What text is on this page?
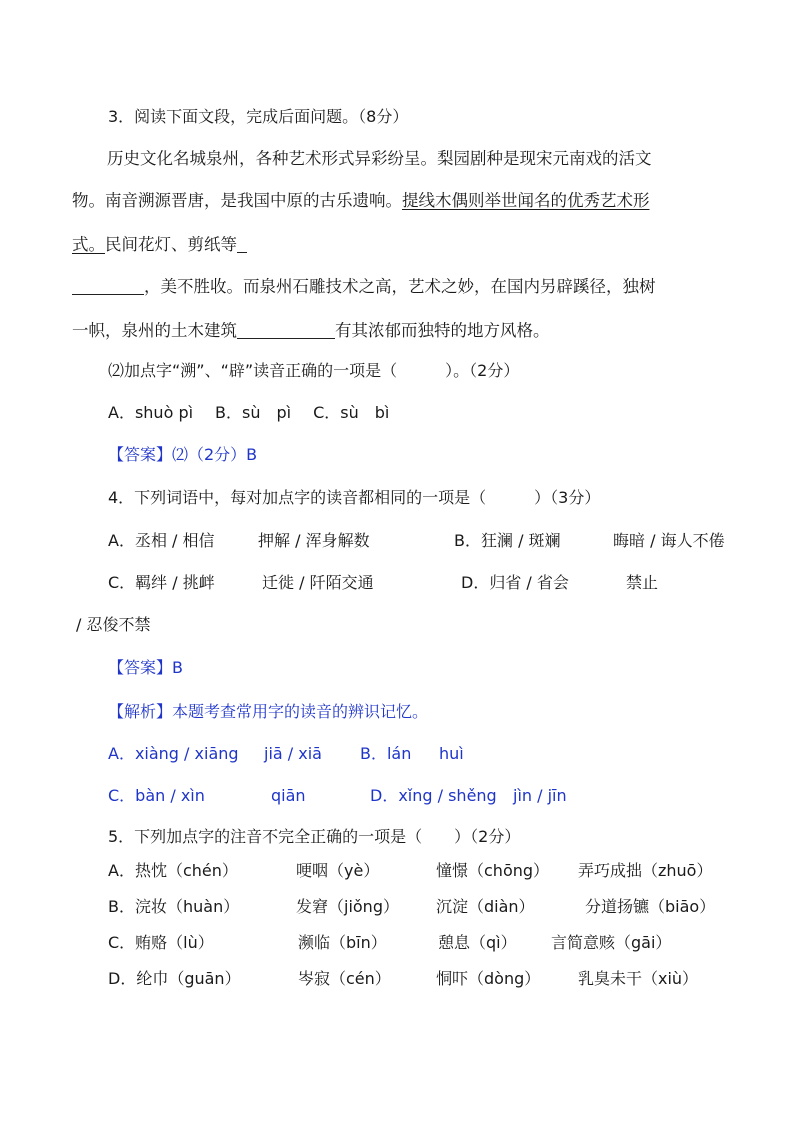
3．阅读下面文段，完成后面问题。（8分）
历史文化名城泉州，各种艺术形式异彩纷呈。梨园剧种是现宋元南戏的活文
物。南音溯源晋唐，是我国中原的古乐遗响。提线木偶则举世闻名的优秀艺术形
式。民间花灯、剪纸等
，美不胜收。而泉州石雕技术之高，艺术之妙，在国内另辟蹊径，独树
一帜，泉州的土木建筑	有其浓郁而独特的地方风格。
⑵加点字“溯”、“辟”读音正确的一项是（　　　）。（2分）
A．shuò pì B．sù　pì C．sù　bì
【答案】⑵（2分）B
4．下列词语中，每对加点字的读音都相同的一项是（　　　）（3分）
A．丞相 / 相信	押解 / 浑身解数	B．狂澜 / 斑斓	晦暗 / 诲人不倦
C．羁绊 / 挑衅	迁徙 / 阡陌交通	D．归省 / 省会	禁止
/ 忍俊不禁
【答案】B
【解析】本题考查常用字的读音的辨识记忆。
A．xiàng / xiāng jiā / xiā B．lán huì
C．bàn / xìn	qiān	D．xǐng / shěng jìn / jīn
5．下列加点字的注音不完全正确的一项是（　　）（2分）
A．热忱（chén）	哽咽（yè）	憧憬（chōng） 弄巧成拙（zhuō）
B．浣妆（huàn）	发窘（jiǒng） 沉淀（diàn）	分道扬镳（biāo）
C．贿赂（lù）	濒临（bīn）	憩息（qì） 言简意赅（gāi）
D．纶巾（guān）	岑寂（cén）	恫吓（dòng） 乳臭未干（xiù）
